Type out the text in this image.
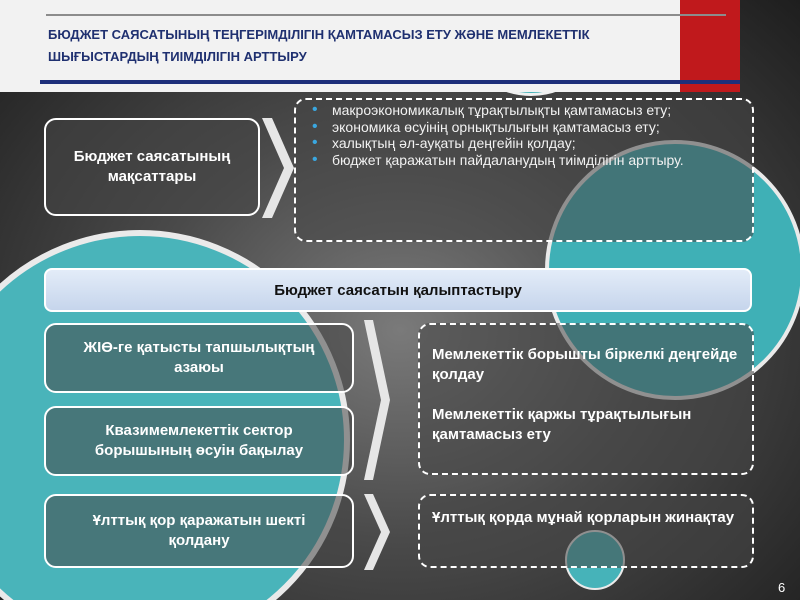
БЮДЖЕТ САЯСАТЫНЫҢ ТЕҢГЕРІМДІЛІГІН ҚАМТАМАСЫЗ ЕТУ ЖӘНЕ МЕМЛЕКЕТТІК ШЫҒЫСТАРДЫҢ ТИІМДІЛІГІН АРТТЫРУ
Бюджет саясатының мақсаттары
• макроэкономикалық тұрақтылықты қамтамасыз ету;
• экономика өсуінің орнықтылығын қамтамасыз ету;
• халықтың әл-ауқаты деңгейін қолдау;
• бюджет қаражатын пайдаланудың тиімділігін арттыру.
Бюджет саясатын қалыптастыру
ЖІӨ-ге қатысты тапшылықтың азаюы
Квазимемлекеттік сектор борышының өсуін бақылау
Ұлттық қор қаражатын шекті қолдану
Мемлекеттік борышты біркелкі деңгейде қолдау
Мемлекеттік қаржы тұрақтылығын қамтамасыз ету
Ұлттық қорда мұнай қорларын жинақтау
6
